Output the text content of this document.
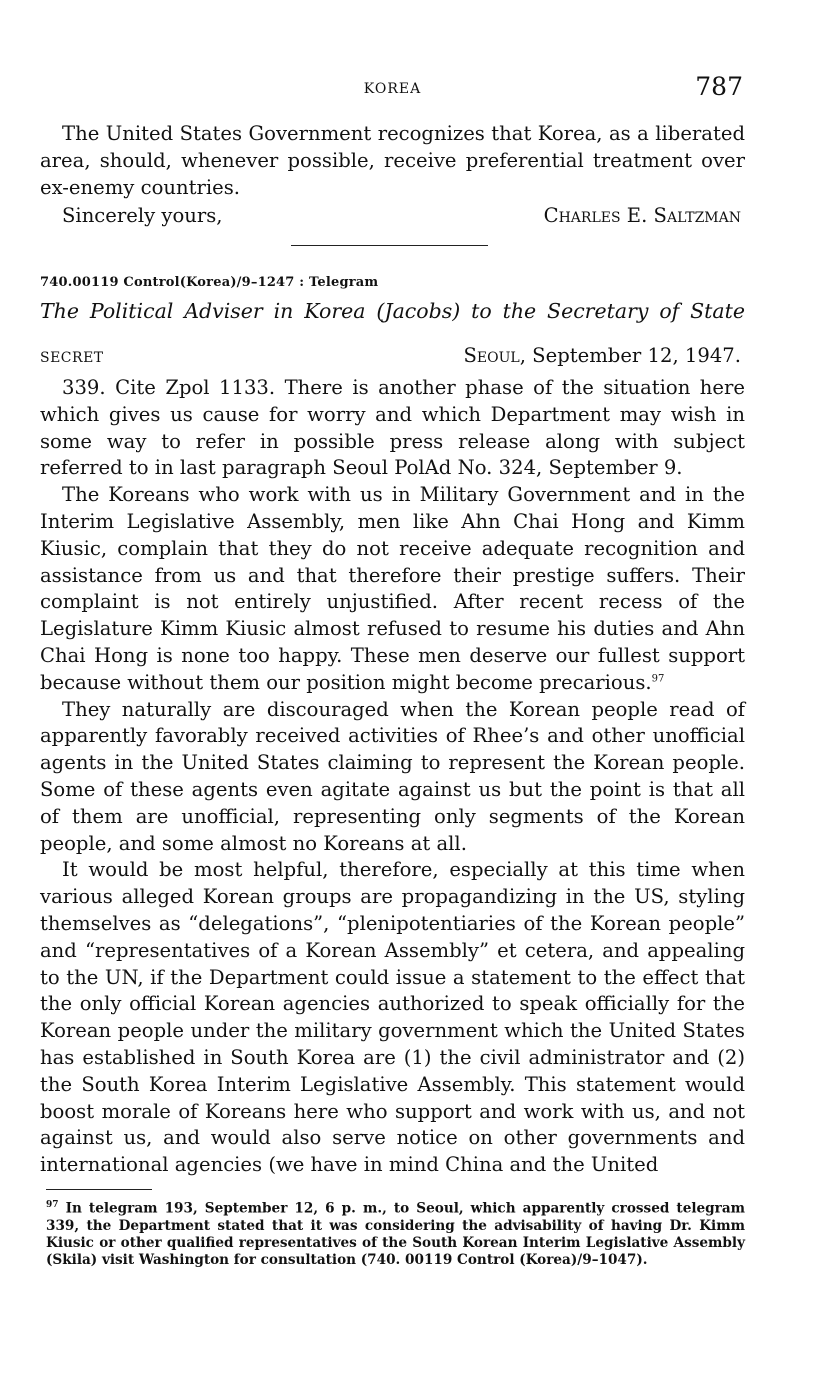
KOREA	787

The United States Government recognizes that Korea, as a liberated area, should, whenever possible, receive preferential treatment over ex-enemy countries.

Sincerely yours,	Charles E. Saltzman
740.00119 Control(Korea)/9–1247 : Telegram
The Political Adviser in Korea (Jacobs) to the Secretary of State
SECRET	Seoul, September 12, 1947.

339. Cite Zpol 1133. There is another phase of the situation here which gives us cause for worry and which Department may wish in some way to refer in possible press release along with subject referred to in last paragraph Seoul PolAd No. 324, September 9.

The Koreans who work with us in Military Government and in the Interim Legislative Assembly, men like Ahn Chai Hong and Kimm Kiusic, complain that they do not receive adequate recognition and assistance from us and that therefore their prestige suffers. Their complaint is not entirely unjustified. After recent recess of the Legislature Kimm Kiusic almost refused to resume his duties and Ahn Chai Hong is none too happy. These men deserve our fullest support because without them our position might become precarious.$^{97}$

They naturally are discouraged when the Korean people read of apparently favorably received activities of Rhee’s and other unofficial agents in the United States claiming to represent the Korean people. Some of these agents even agitate against us but the point is that all of them are unofficial, representing only segments of the Korean people, and some almost no Koreans at all.

It would be most helpful, therefore, especially at this time when various alleged Korean groups are propagandizing in the US, styling themselves as “delegations”, “plenipotentiaries of the Korean people” and “representatives of a Korean Assembly” et cetera, and appealing to the UN, if the Department could issue a statement to the effect that the only official Korean agencies authorized to speak officially for the Korean people under the military government which the United States has established in South Korea are (1) the civil administrator and (2) the South Korea Interim Legislative Assembly. This statement would boost morale of Koreans here who support and work with us, and not against us, and would also serve notice on other governments and international agencies (we have in mind China and the United

$^{97}$ In telegram 193, September 12, 6 p. m., to Seoul, which apparently crossed telegram 339, the Department stated that it was considering the advisability of having Dr. Kimm Kiusic or other qualified representatives of the South Korean Interim Legislative Assembly (Skila) visit Washington for consultation (740. 00119 Control (Korea)/9–1047).
